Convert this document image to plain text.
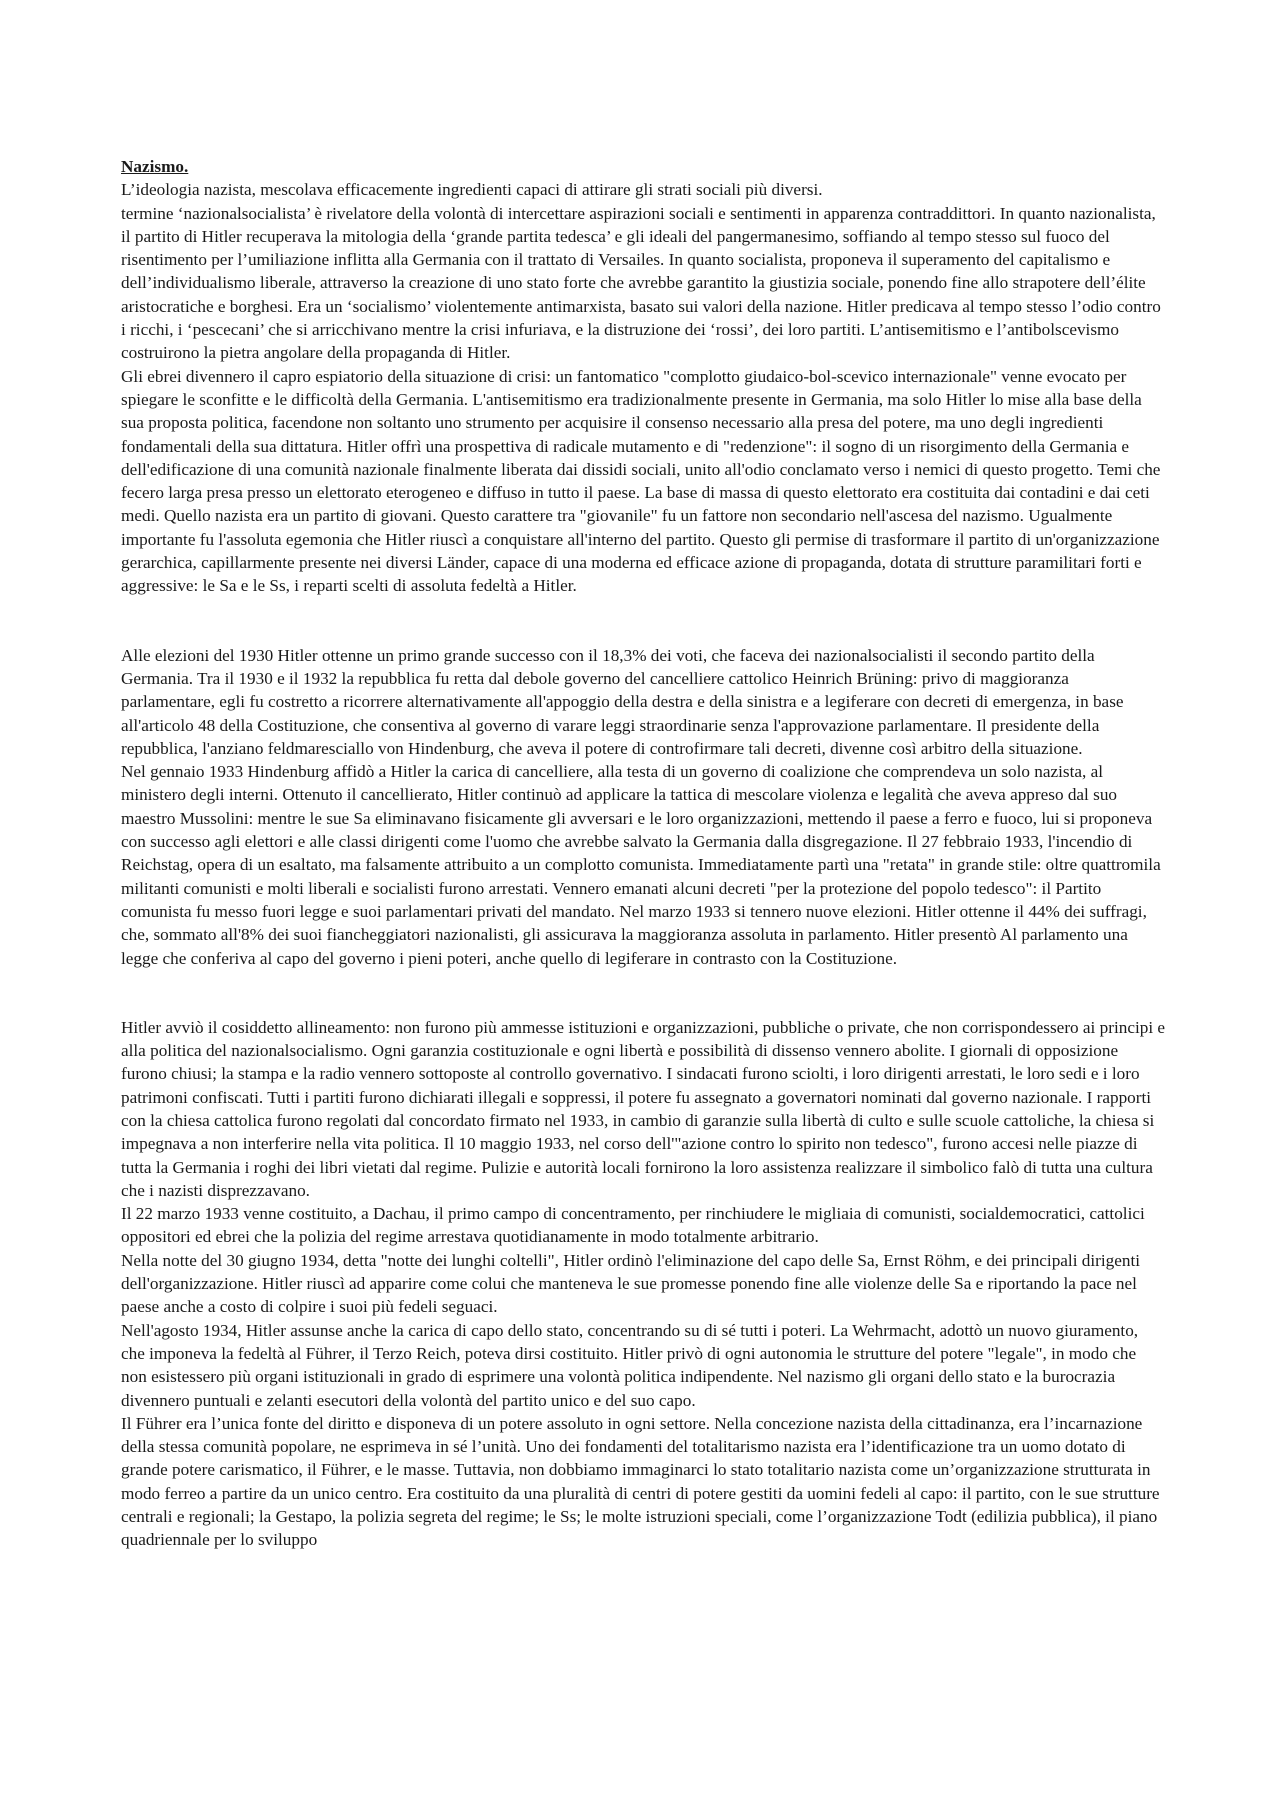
Nazismo.

L’ideologia nazista, mescolava efficacemente ingredienti capaci di attirare gli strati sociali più diversi.

termine ‘nazionalsocialista’ è rivelatore della volontà di intercettare aspirazioni sociali e sentimenti in apparenza contraddittori. In quanto nazionalista, il partito di Hitler recuperava la mitologia della ‘grande partita tedesca’ e gli ideali del pangermanesimo, soffiando al tempo stesso sul fuoco del risentimento per l’umiliazione inflitta alla Germania con il trattato di Versailes. In quanto socialista, proponeva il superamento del capitalismo e dell’individualismo liberale, attraverso la creazione di uno stato forte che avrebbe garantito la giustizia sociale, ponendo fine allo strapotere dell’élite aristocratiche e borghesi. Era un ‘socialismo’ violentemente antimarxista, basato sui valori della nazione. Hitler predicava al tempo stesso l’odio contro i ricchi, i ‘pescecani’ che si arricchivano mentre la crisi infuriava, e la distruzione dei ‘rossi’, dei loro partiti. L’antisemitismo e l’antibolscevismo costruirono la pietra angolare della propaganda di Hitler.

Gli ebrei divennero il capro espiatorio della situazione di crisi: un fantomatico "complotto giudaico-bol-scevico internazionale" venne evocato per spiegare le sconfitte e le difficoltà della Germania. L'antisemitismo era tradizionalmente presente in Germania, ma solo Hitler lo mise alla base della sua proposta politica, facendone non soltanto uno strumento per acquisire il consenso necessario alla presa del potere, ma uno degli ingredienti fondamentali della sua dittatura. Hitler offrì una prospettiva di radicale mutamento e di "redenzione": il sogno di un risorgimento della Germania e dell'edificazione di una comunità nazionale finalmente liberata dai dissidi sociali, unito all'odio conclamato verso i nemici di questo progetto. Temi che fecero larga presa presso un elettorato eterogeneo e diffuso in tutto il paese. La base di massa di questo elettorato era costituita dai contadini e dai ceti medi. Quello nazista era un partito di giovani. Questo carattere tra "giovanile" fu un fattore non secondario nell'ascesa del nazismo. Ugualmente importante fu l'assoluta egemonia che Hitler riuscì a conquistare all'interno del partito. Questo gli permise di trasformare il partito di un'organizzazione gerarchica, capillarmente presente nei diversi Länder, capace di una moderna ed efficace azione di propaganda, dotata di strutture paramilitari forti e aggressive: le Sa e le Ss, i reparti scelti di assoluta fedeltà a Hitler.

Alle elezioni del 1930 Hitler ottenne un primo grande successo con il 18,3% dei voti, che faceva dei nazionalsocialisti il secondo partito della Germania. Tra il 1930 e il 1932 la repubblica fu retta dal debole governo del cancelliere cattolico Heinrich Brüning: privo di maggioranza parlamentare, egli fu costretto a ricorrere alternativamente all'appoggio della destra e della sinistra e a legiferare con decreti di emergenza, in base all'articolo 48 della Costituzione, che consentiva al governo di varare leggi straordinarie senza l'approvazione parlamentare. Il presidente della repubblica, l'anziano feldmaresciallo von Hindenburg, che aveva il potere di controfirmare tali decreti, divenne così arbitro della situazione.

Nel gennaio 1933 Hindenburg affidò a Hitler la carica di cancelliere, alla testa di un governo di coalizione che comprendeva un solo nazista, al ministero degli interni. Ottenuto il cancellierato, Hitler continuò ad applicare la tattica di mescolare violenza e legalità che aveva appreso dal suo maestro Mussolini: mentre le sue Sa eliminavano fisicamente gli avversari e le loro organizzazioni, mettendo il paese a ferro e fuoco, lui si proponeva con successo agli elettori e alle classi dirigenti come l'uomo che avrebbe salvato la Germania dalla disgregazione. Il 27 febbraio 1933, l'incendio di Reichstag, opera di un esaltato, ma falsamente attribuito a un complotto comunista. Immediatamente partì una "retata" in grande stile: oltre quattromila militanti comunisti e molti liberali e socialisti furono arrestati. Vennero emanati alcuni decreti "per la protezione del popolo tedesco": il Partito comunista fu messo fuori legge e suoi parlamentari privati del mandato. Nel marzo 1933 si tennero nuove elezioni. Hitler ottenne il 44% dei suffragi, che, sommato all'8% dei suoi fiancheggiatori nazionalisti, gli assicurava la maggioranza assoluta in parlamento. Hitler presentò Al parlamento una legge che conferiva al capo del governo i pieni poteri, anche quello di legiferare in contrasto con la Costituzione.

Hitler avviò il cosiddetto allineamento: non furono più ammesse istituzioni e organizzazioni, pubbliche o private, che non corrispondessero ai principi e alla politica del nazionalsocialismo. Ogni garanzia costituzionale e ogni libertà e possibilità di dissenso vennero abolite. I giornali di opposizione furono chiusi; la stampa e la radio vennero sottoposte al controllo governativo. I sindacati furono sciolti, i loro dirigenti arrestati, le loro sedi e i loro patrimoni confiscati. Tutti i partiti furono dichiarati illegali e soppressi, il potere fu assegnato a governatori nominati dal governo nazionale. I rapporti con la chiesa cattolica furono regolati dal concordato firmato nel 1933, in cambio di garanzie sulla libertà di culto e sulle scuole cattoliche, la chiesa si impegnava a non interferire nella vita politica. Il 10 maggio 1933, nel corso dell'"azione contro lo spirito non tedesco", furono accesi nelle piazze di tutta la Germania i roghi dei libri vietati dal regime. Pulizie e autorità locali fornirono la loro assistenza realizzare il simbolico falò di tutta una cultura che i nazisti disprezzavano.

Il 22 marzo 1933 venne costituito, a Dachau, il primo campo di concentramento, per rinchiudere le migliaia di comunisti, socialdemocratici, cattolici oppositori ed ebrei che la polizia del regime arrestava quotidianamente in modo totalmente arbitrario.

Nella notte del 30 giugno 1934, detta "notte dei lunghi coltelli", Hitler ordinò l'eliminazione del capo delle Sa, Ernst Röhm, e dei principali dirigenti dell'organizzazione. Hitler riuscì ad apparire come colui che manteneva le sue promesse ponendo fine alle violenze delle Sa e riportando la pace nel paese anche a costo di colpire i suoi più fedeli seguaci.

Nell'agosto 1934, Hitler assunse anche la carica di capo dello stato, concentrando su di sé tutti i poteri. La Wehrmacht, adottò un nuovo giuramento, che imponeva la fedeltà al Führer, il Terzo Reich, poteva dirsi costituito. Hitler privò di ogni autonomia le strutture del potere "legale", in modo che non esistessero più organi istituzionali in grado di esprimere una volontà politica indipendente. Nel nazismo gli organi dello stato e la burocrazia divennero puntuali e zelanti esecutori della volontà del partito unico e del suo capo.

Il Führer era l’unica fonte del diritto e disponeva di un potere assoluto in ogni settore. Nella concezione nazista della cittadinanza, era l’incarnazione della stessa comunità popolare, ne esprimeva in sé l’unità. Uno dei fondamenti del totalitarismo nazista era l’identificazione tra un uomo dotato di grande potere carismatico, il Führer, e le masse. Tuttavia, non dobbiamo immaginarci lo stato totalitario nazista come un’organizzazione strutturata in modo ferreo a partire da un unico centro. Era costituito da una pluralità di centri di potere gestiti da uomini fedeli al capo: il partito, con le sue strutture centrali e regionali; la Gestapo, la polizia segreta del regime; le Ss; le molte istruzioni speciali, come l’organizzazione Todt (edilizia pubblica), il piano quadriennale per lo sviluppo
